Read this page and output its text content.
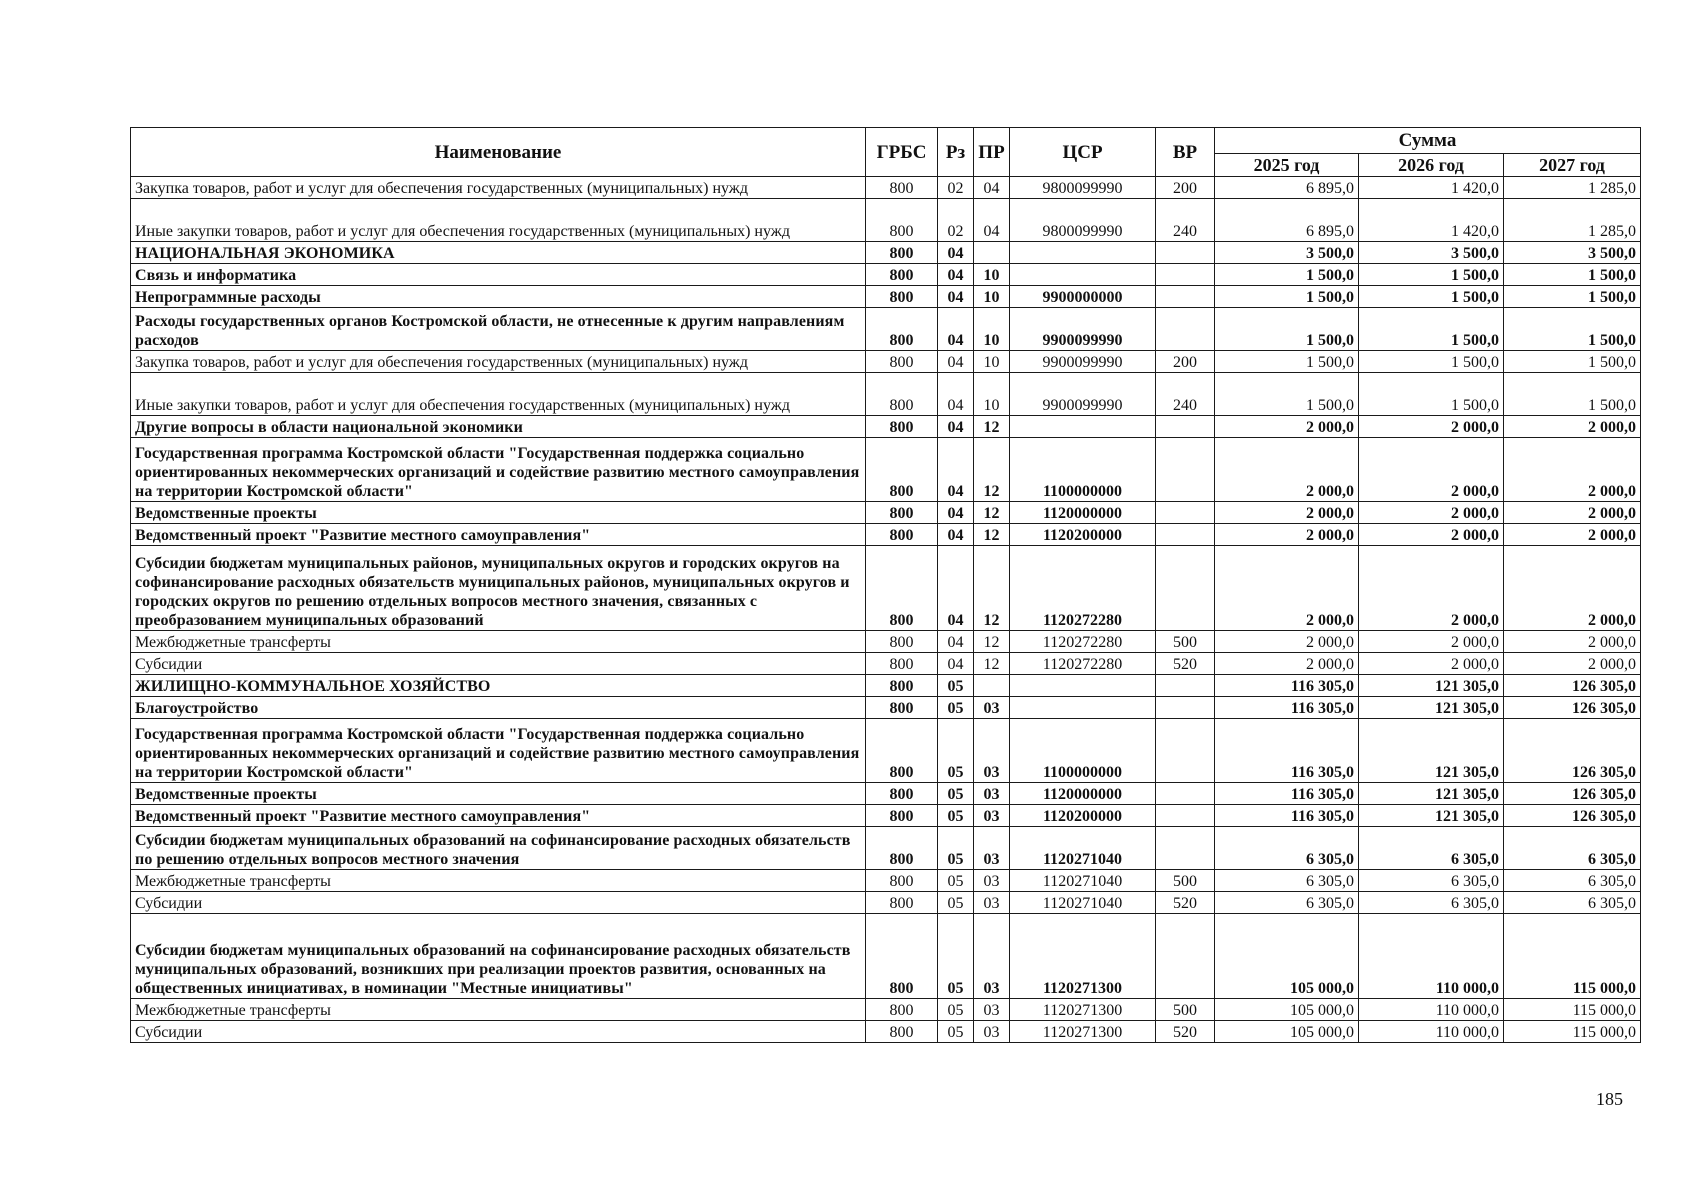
Наименование	ГРБС	Рз	ПР	ЦСР	ВР	Сумма		
						2025 год	2026 год	2027 год
Закупка товаров, работ и услуг для обеспечения государственных (муниципальных) нужд	800	02	04	9800099990	200	6 895,0	1 420,0	1 285,0
Иные закупки товаров, работ и услуг для обеспечения государственных (муниципальных) нужд	800	02	04	9800099990	240	6 895,0	1 420,0	1 285,0
НАЦИОНАЛЬНАЯ ЭКОНОМИКА	800	04				3 500,0	3 500,0	3 500,0
Связь и информатика	800	04	10			1 500,0	1 500,0	1 500,0
Непрограммные расходы	800	04	10	9900000000		1 500,0	1 500,0	1 500,0
Расходы государственных органов Костромской области, не отнесенные к другим направлениям расходов	800	04	10	9900099990		1 500,0	1 500,0	1 500,0
Закупка товаров, работ и услуг для обеспечения государственных (муниципальных) нужд	800	04	10	9900099990	200	1 500,0	1 500,0	1 500,0
Иные закупки товаров, работ и услуг для обеспечения государственных (муниципальных) нужд	800	04	10	9900099990	240	1 500,0	1 500,0	1 500,0
Другие вопросы в области национальной экономики	800	04	12			2 000,0	2 000,0	2 000,0
Государственная программа Костромской области "Государственная поддержка социально ориентированных некоммерческих организаций и содействие развитию местного самоуправления на территории Костромской области"	800	04	12	1100000000		2 000,0	2 000,0	2 000,0
Ведомственные проекты	800	04	12	1120000000		2 000,0	2 000,0	2 000,0
Ведомственный проект "Развитие местного самоуправления"	800	04	12	1120200000		2 000,0	2 000,0	2 000,0
Субсидии бюджетам муниципальных районов, муниципальных округов и городских округов на софинансирование расходных обязательств муниципальных районов, муниципальных округов и городских округов по решению отдельных вопросов местного значения, связанных с преобразованием муниципальных образований	800	04	12	1120272280		2 000,0	2 000,0	2 000,0
Межбюджетные трансферты	800	04	12	1120272280	500	2 000,0	2 000,0	2 000,0
Субсидии	800	04	12	1120272280	520	2 000,0	2 000,0	2 000,0
ЖИЛИЩНО-КОММУНАЛЬНОЕ ХОЗЯЙСТВО	800	05				116 305,0	121 305,0	126 305,0
Благоустройство	800	05	03			116 305,0	121 305,0	126 305,0
Государственная программа Костромской области "Государственная поддержка социально ориентированных некоммерческих организаций и содействие развитию местного самоуправления на территории Костромской области"	800	05	03	1100000000		116 305,0	121 305,0	126 305,0
Ведомственные проекты	800	05	03	1120000000		116 305,0	121 305,0	126 305,0
Ведомственный проект "Развитие местного самоуправления"	800	05	03	1120200000		116 305,0	121 305,0	126 305,0
Субсидии бюджетам муниципальных образований на софинансирование расходных обязательств по решению отдельных вопросов местного значения	800	05	03	1120271040		6 305,0	6 305,0	6 305,0
Межбюджетные трансферты	800	05	03	1120271040	500	6 305,0	6 305,0	6 305,0
Субсидии	800	05	03	1120271040	520	6 305,0	6 305,0	6 305,0
Субсидии бюджетам муниципальных образований на софинансирование расходных обязательств муниципальных образований, возникших при реализации проектов развития, основанных на общественных инициативах, в номинации "Местные инициативы"	800	05	03	1120271300		105 000,0	110 000,0	115 000,0
Межбюджетные трансферты	800	05	03	1120271300	500	105 000,0	110 000,0	115 000,0
Субсидии	800	05	03	1120271300	520	105 000,0	110 000,0	115 000,0
185
